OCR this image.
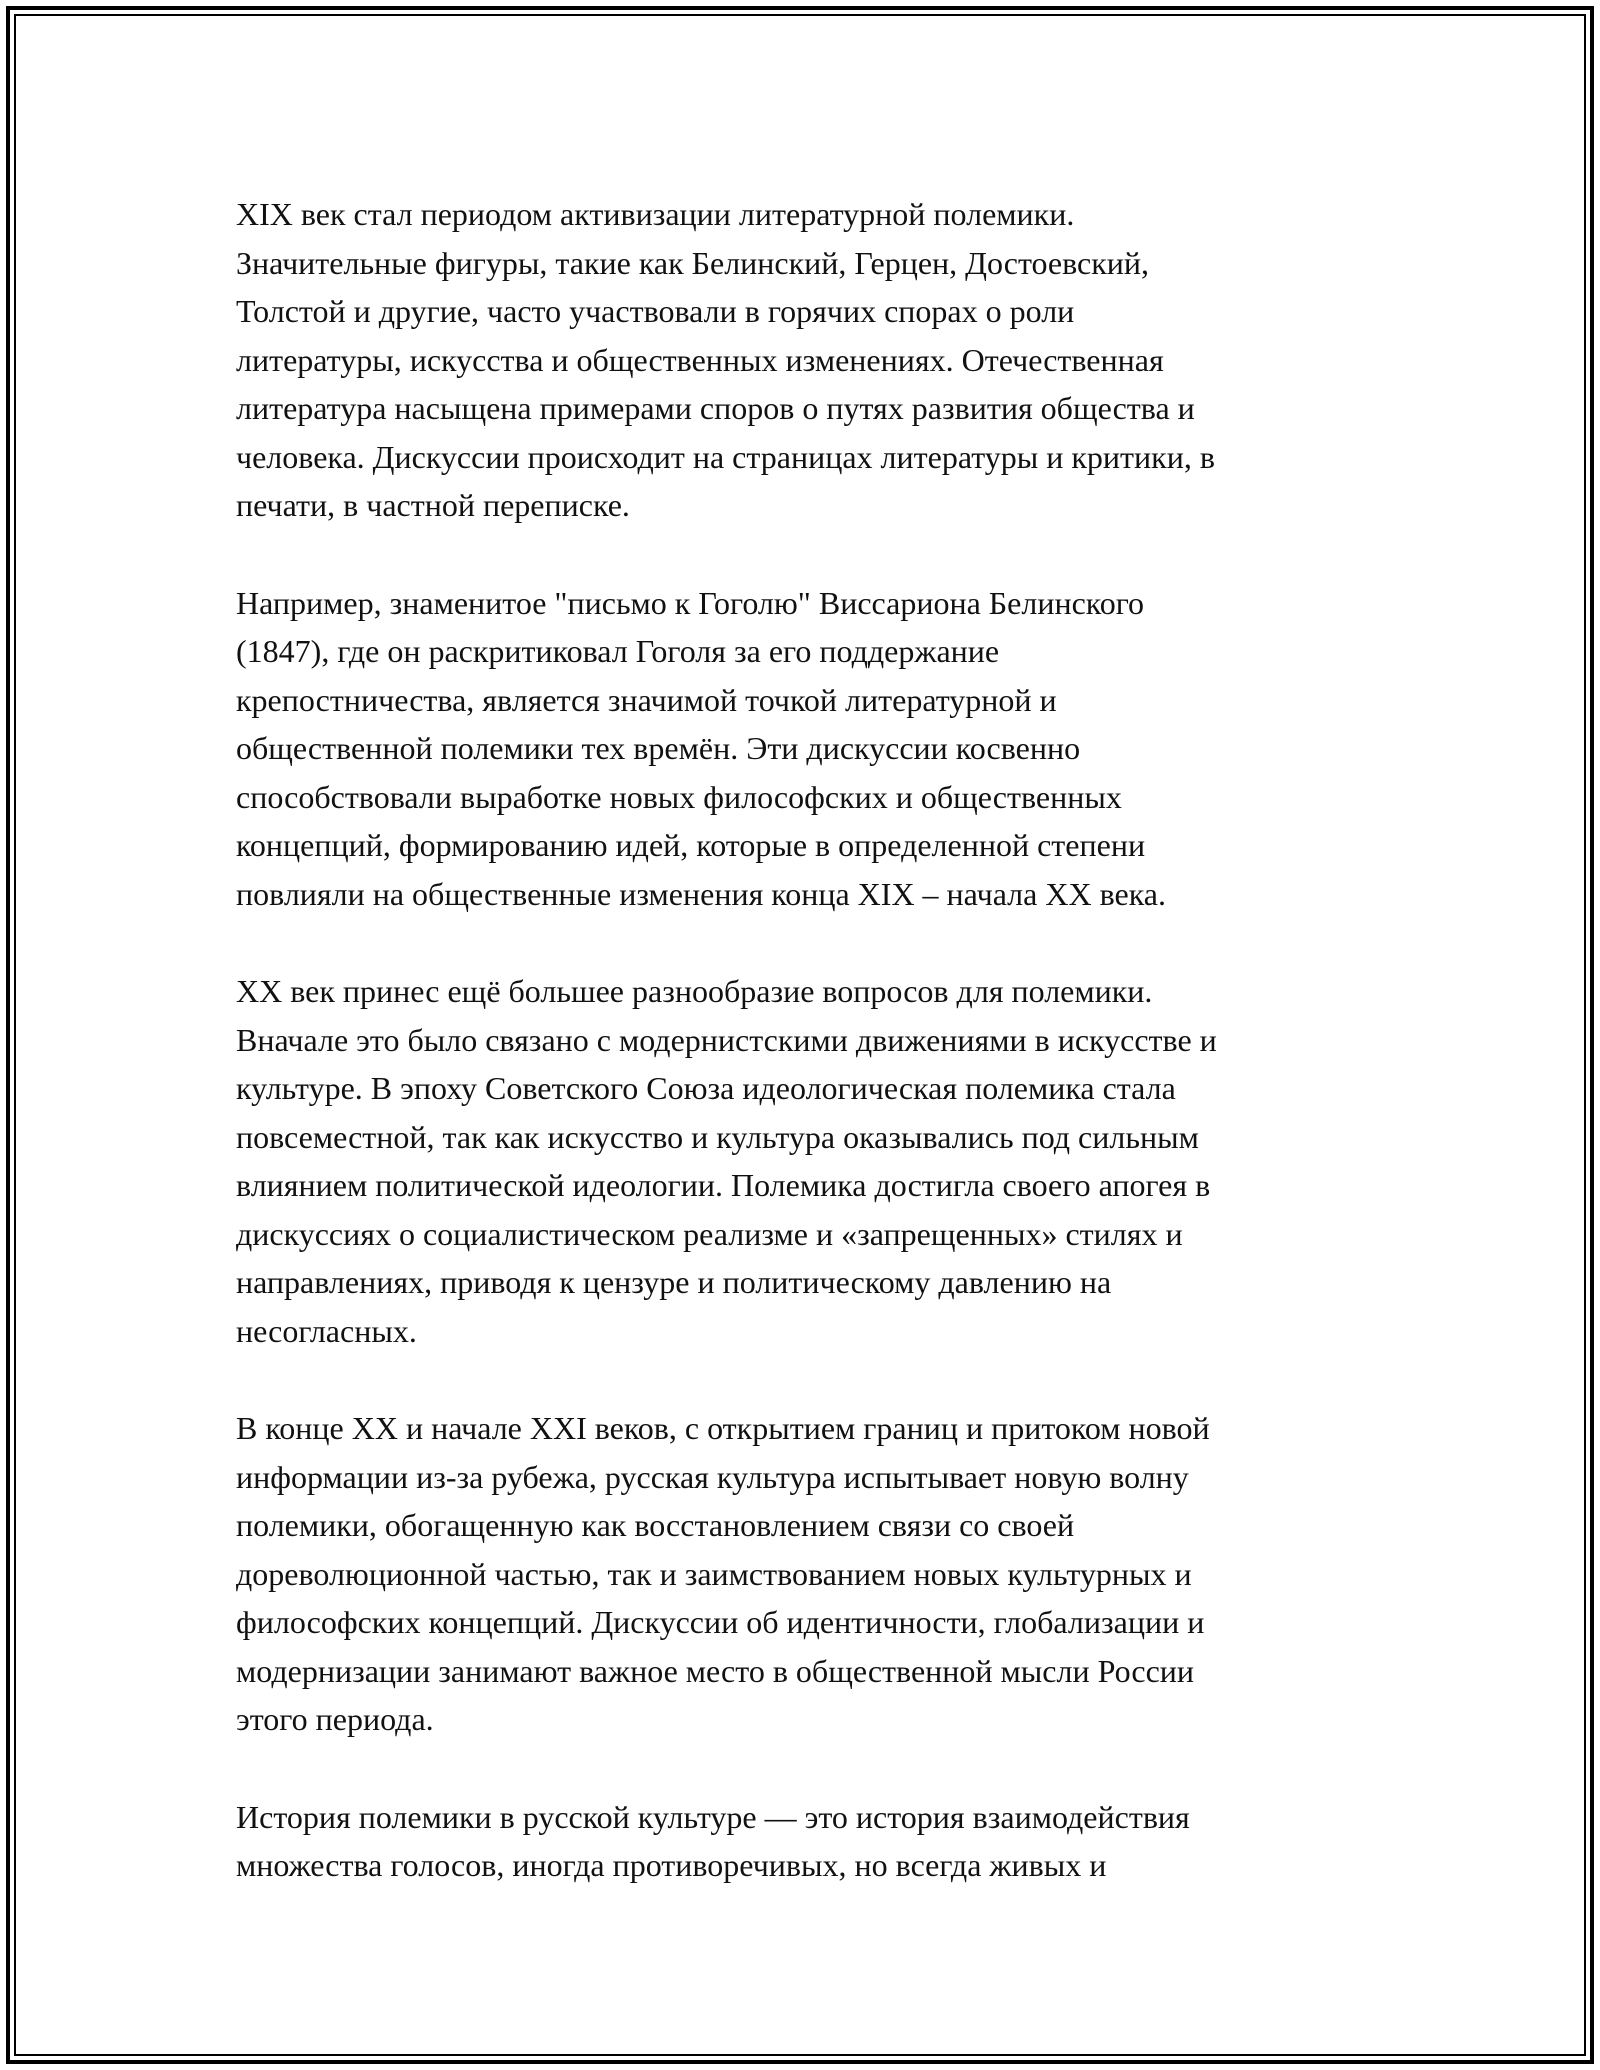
XIX век стал периодом активизации литературной полемики.
Значительные фигуры, такие как Белинский, Герцен, Достоевский,
Толстой и другие, часто участвовали в горячих спорах о роли
литературы, искусства и общественных изменениях. Отечественная
литература насыщена примерами споров о путях развития общества и
человека. Дискуссии происходит на страницах литературы и критики, в
печати, в частной переписке.

Например, знаменитое "письмо к Гоголю" Виссариона Белинского
(1847), где он раскритиковал Гоголя за его поддержание
крепостничества, является значимой точкой литературной и
общественной полемики тех времён. Эти дискуссии косвенно
способствовали выработке новых философских и общественных
концепций, формированию идей, которые в определенной степени
повлияли на общественные изменения конца XIX – начала XX века.

XX век принес ещё большее разнообразие вопросов для полемики.
Вначале это было связано с модернистскими движениями в искусстве и
культуре. В эпоху Советского Союза идеологическая полемика стала
повсеместной, так как искусство и культура оказывались под сильным
влиянием политической идеологии. Полемика достигла своего апогея в
дискуссиях о социалистическом реализме и «запрещенных» стилях и
направлениях, приводя к цензуре и политическому давлению на
несогласных.

В конце XX и начале XXI веков, с открытием границ и притоком новой
информации из-за рубежа, русская культура испытывает новую волну
полемики, обогащенную как восстановлением связи со своей
дореволюционной частью, так и заимствованием новых культурных и
философских концепций. Дискуссии об идентичности, глобализации и
модернизации занимают важное место в общественной мысли России
этого периода.

История полемики в русской культуре — это история взаимодействия
множества голосов, иногда противоречивых, но всегда живых и
